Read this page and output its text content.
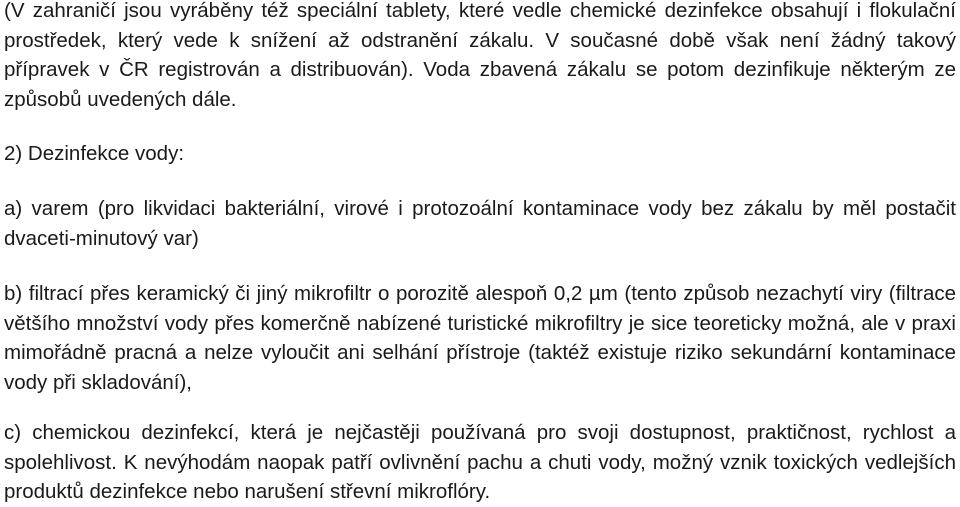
(V zahraničí jsou vyráběny též speciální tablety, které vedle chemické dezinfekce obsahují i flokulační prostředek, který vede k snížení až odstranění zákalu. V současné době však není žádný takový přípravek v ČR registrován a distribuován). Voda zbavená zákalu se potom dezinfikuje některým ze způsobů uvedených dále.

2) Dezinfekce vody:

a) varem (pro likvidaci bakteriální, virové i protozoální kontaminace vody bez zákalu by měl postačit dvaceti-minutový var)

b) filtrací přes keramický či jiný mikrofiltr o porozitě alespoň 0,2 µm (tento způsob nezachytí viry (filtrace většího množství vody přes komerčně nabízené turistické mikrofiltry je sice teoreticky možná, ale v praxi mimořádně pracná a nelze vyloučit ani selhání přístroje (taktéž existuje riziko sekundární kontaminace vody při skladování),

c) chemickou dezinfekcí, která je nejčastěji používaná pro svoji dostupnost, praktičnost, rychlost a spolehlivost. K nevýhodám naopak patří ovlivnění pachu a chuti vody, možný vznik toxických vedlejších produktů dezinfekce nebo narušení střevní mikroflóry.
